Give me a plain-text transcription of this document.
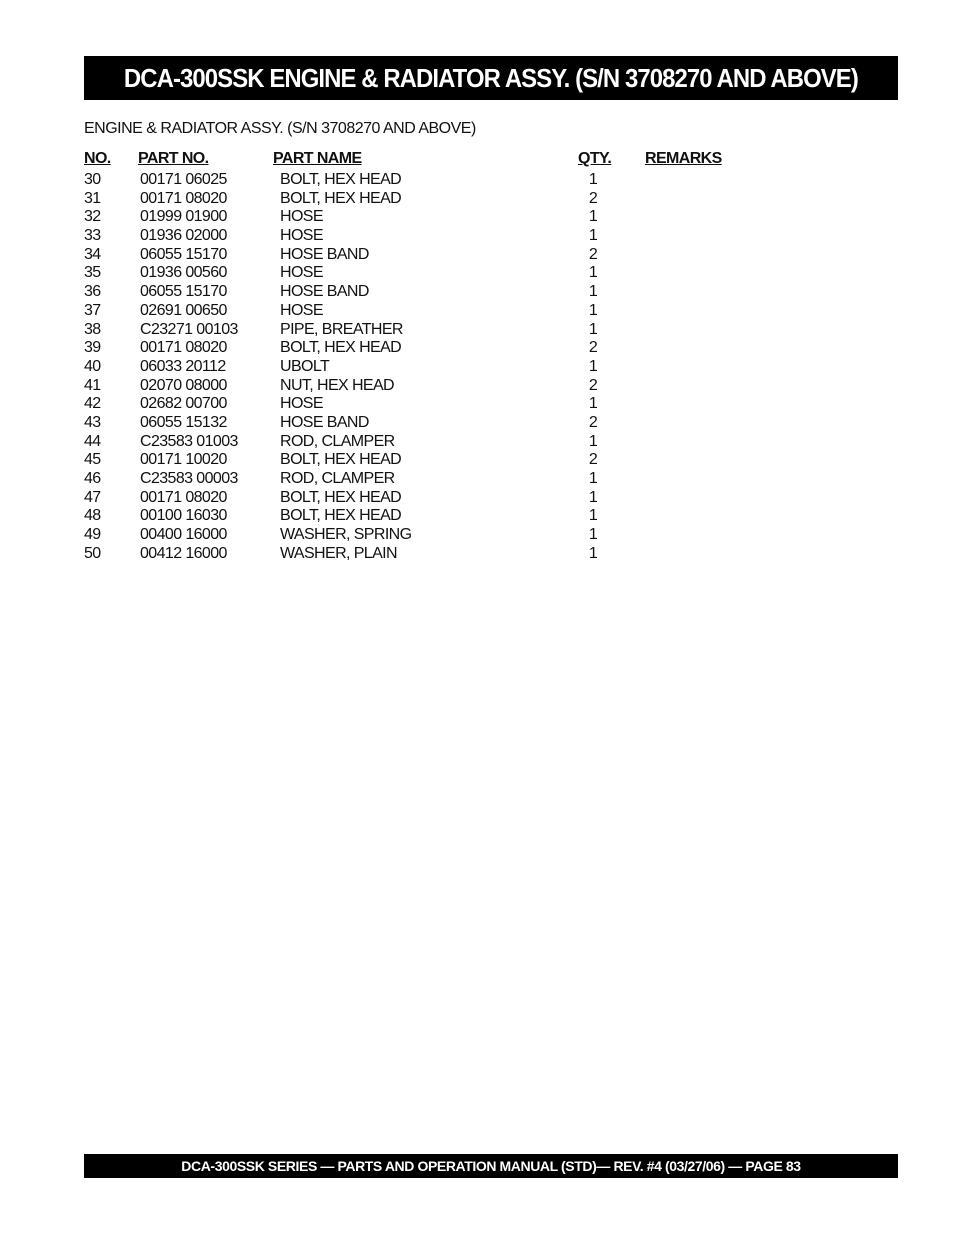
DCA-300SSK ENGINE & RADIATOR ASSY. (S/N 3708270 AND ABOVE)
ENGINE & RADIATOR ASSY. (S/N 3708270 AND ABOVE)
NO. PART NO.	PART NAME	QTY. REMARKS
30 00171 06025	BOLT, HEX HEAD	1
31 00171 08020	BOLT, HEX HEAD	2
32 01999 01900	HOSE	1
33 01936 02000	HOSE	1
34 06055 15170	HOSE BAND	2
35 01936 00560	HOSE	1
36 06055 15170	HOSE BAND	1
37 02691 00650	HOSE	1
38 C23271 00103	PIPE, BREATHER	1
39 00171 08020	BOLT, HEX HEAD	2
40 06033 20112	UBOLT	1
41 02070 08000	NUT, HEX HEAD	2
42 02682 00700	HOSE	1
43 06055 15132	HOSE BAND	2
44 C23583 01003	ROD, CLAMPER	1
45 00171 10020	BOLT, HEX HEAD	2
46 C23583 00003	ROD, CLAMPER	1
47 00171 08020	BOLT, HEX HEAD	1
48 00100 16030	BOLT, HEX HEAD	1
49 00400 16000	WASHER, SPRING	1
50 00412 16000	WASHER, PLAIN	1
DCA-300SSK SERIES — PARTS AND OPERATION MANUAL (STD)— REV. #4 (03/27/06) — PAGE 83
